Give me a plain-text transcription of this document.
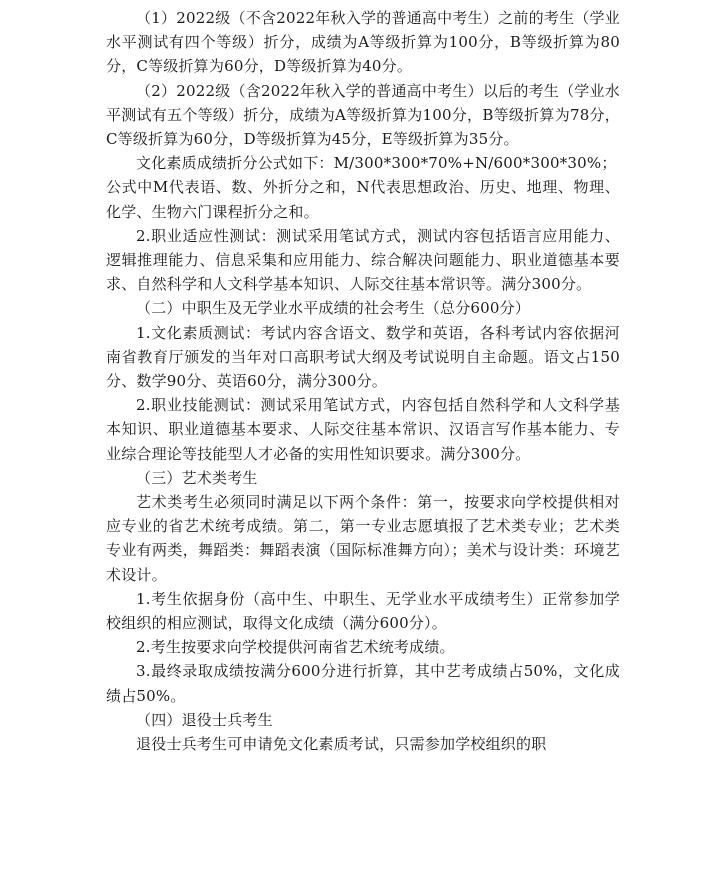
（1）2022级（不含2022年秋入学的普通高中考生）之前的考生（学业水平测试有四个等级）折分，成绩为A等级折算为100分，B等级折算为80分，C等级折算为60分，D等级折算为40分。

（2）2022级（含2022年秋入学的普通高中考生）以后的考生（学业水平测试有五个等级）折分，成绩为A等级折算为100分，B等级折算为78分，C等级折算为60分，D等级折算为45分，E等级折算为35分。

文化素质成绩折分公式如下：M/300*300*70%+N/600*300*30%；

公式中M代表语、数、外折分之和，N代表思想政治、历史、地理、物理、化学、生物六门课程折分之和。

2.职业适应性测试：测试采用笔试方式，测试内容包括语言应用能力、逻辑推理能力、信息采集和应用能力、综合解决问题能力、职业道德基本要求、自然科学和人文科学基本知识、人际交往基本常识等。满分300分。

（二）中职生及无学业水平成绩的社会考生（总分600分）

1.文化素质测试：考试内容含语文、数学和英语，各科考试内容依据河南省教育厅颁发的当年对口高职考试大纲及考试说明自主命题。语文占150分、数学90分、英语60分，满分300分。

2.职业技能测试：测试采用笔试方式，内容包括自然科学和人文科学基本知识、职业道德基本要求、人际交往基本常识、汉语言写作基本能力、专业综合理论等技能型人才必备的实用性知识要求。满分300分。

（三）艺术类考生

艺术类考生必须同时满足以下两个条件：第一，按要求向学校提供相对应专业的省艺术统考成绩。第二，第一专业志愿填报了艺术类专业；艺术类专业有两类，舞蹈类：舞蹈表演（国际标准舞方向）；美术与设计类：环境艺术设计。

1.考生依据身份（高中生、中职生、无学业水平成绩考生）正常参加学校组织的相应测试，取得文化成绩（满分600分）。

2.考生按要求向学校提供河南省艺术统考成绩。

3.最终录取成绩按满分600分进行折算，其中艺考成绩占50%，文化成绩占50%。

（四）退役士兵考生

退役士兵考生可申请免文化素质考试，只需参加学校组织的职
